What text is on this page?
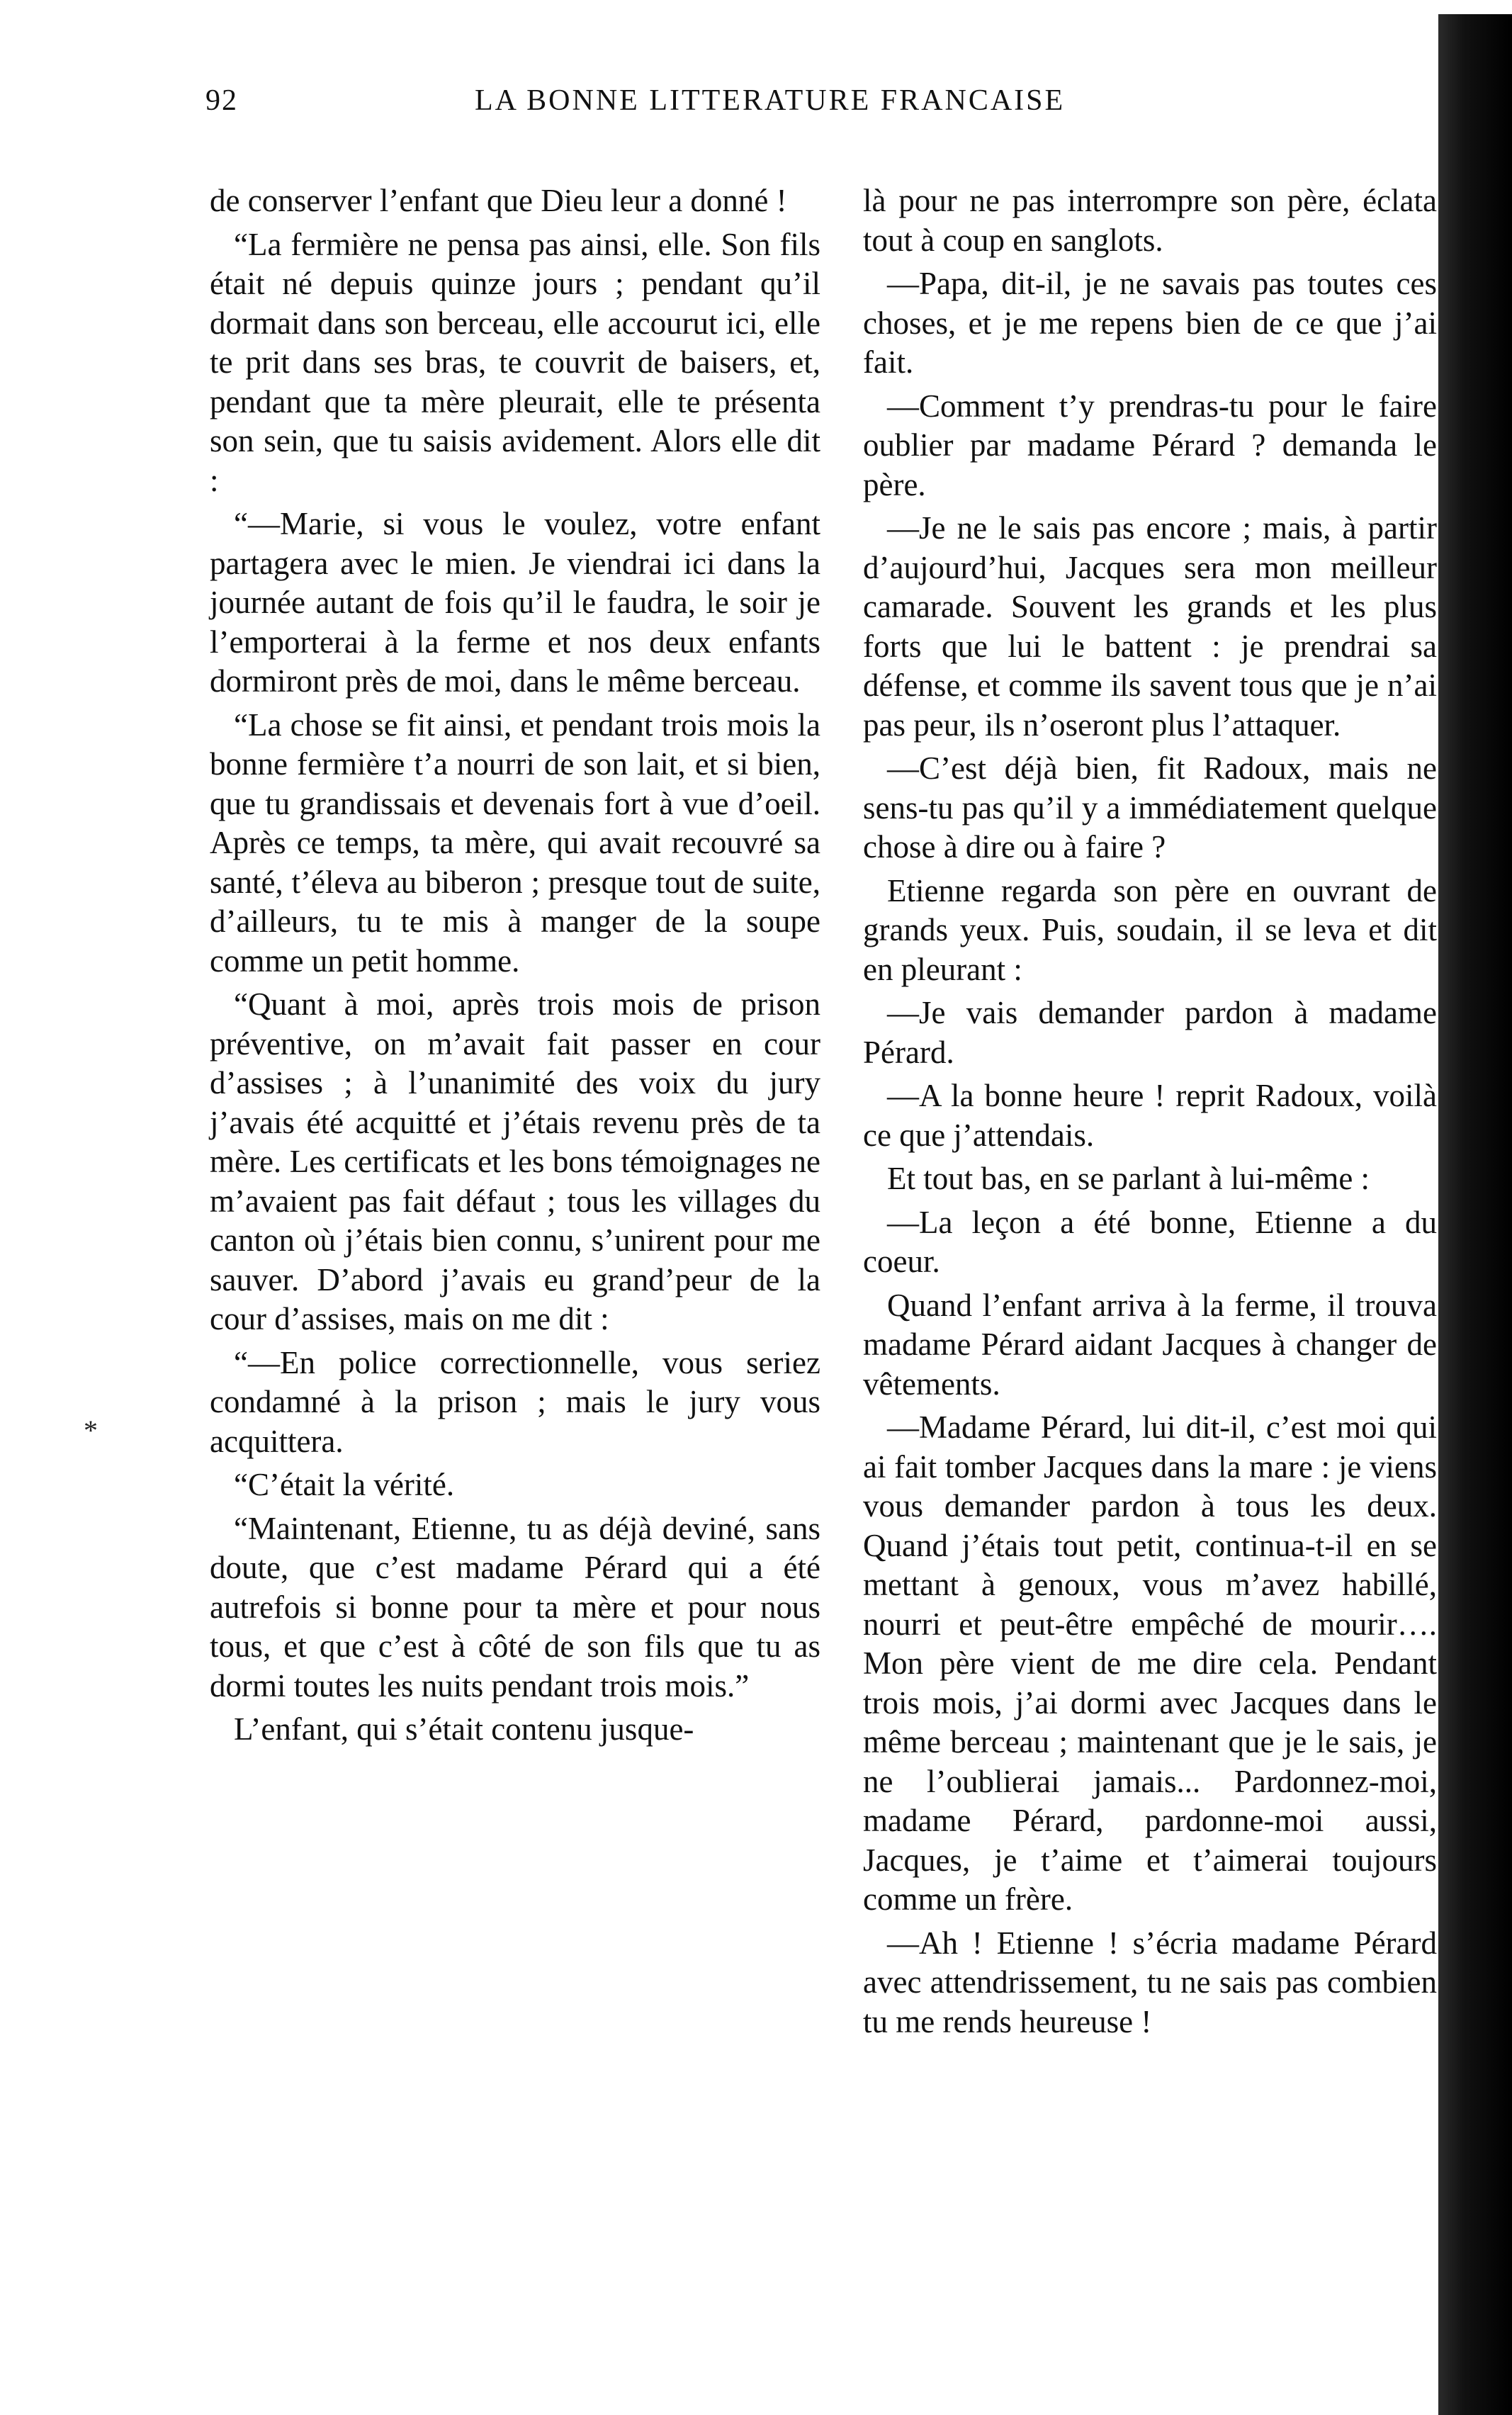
92	LA BONNE LITTERATURE FRANCAISE
*

de conserver l’enfant que Dieu leur a donné !

“La fermière ne pensa pas ainsi, elle. Son fils était né depuis quinze jours ; pendant qu’il dormait dans son berceau, elle accourut ici, elle te prit dans ses bras, te couvrit de baisers, et, pendant que ta mère pleurait, elle te présenta son sein, que tu saisis avidement. Alors elle dit :

“—Marie, si vous le voulez, votre enfant partagera avec le mien. Je viendrai ici dans la journée autant de fois qu’il le faudra, le soir je l’emporterai à la ferme et nos deux enfants dormiront près de moi, dans le même berceau.

“La chose se fit ainsi, et pendant trois mois la bonne fermière t’a nourri de son lait, et si bien, que tu grandissais et devenais fort à vue d’oeil. Après ce temps, ta mère, qui avait recouvré sa santé, t’éleva au biberon ; presque tout de suite, d’ailleurs, tu te mis à manger de la soupe comme un petit homme.

“Quant à moi, après trois mois de prison préventive, on m’avait fait passer en cour d’assises ; à l’unanimité des voix du jury j’avais été acquitté et j’étais revenu près de ta mère. Les certificats et les bons témoignages ne m’avaient pas fait défaut ; tous les villages du canton où j’étais bien connu, s’unirent pour me sauver. D’abord j’avais eu grand’peur de la cour d’assises, mais on me dit :

“—En police correctionnelle, vous seriez condamné à la prison ; mais le jury vous acquittera.

“C’était la vérité.

“Maintenant, Etienne, tu as déjà deviné, sans doute, que c’est madame Pérard qui a été autrefois si bonne pour ta mère et pour nous tous, et que c’est à côté de son fils que tu as dormi toutes les nuits pendant trois mois.”

L’enfant, qui s’était contenu jusque-

là pour ne pas interrompre son père, éclata tout à coup en sanglots.

—Papa, dit-il, je ne savais pas toutes ces choses, et je me repens bien de ce que j’ai fait.

—Comment t’y prendras-tu pour le faire oublier par madame Pérard ? demanda le père.

—Je ne le sais pas encore ; mais, à partir d’aujourd’hui, Jacques sera mon meilleur camarade. Souvent les grands et les plus forts que lui le battent : je prendrai sa défense, et comme ils savent tous que je n’ai pas peur, ils n’oseront plus l’attaquer.

—C’est déjà bien, fit Radoux, mais ne sens-tu pas qu’il y a immédiatement quelque chose à dire ou à faire ?

Etienne regarda son père en ouvrant de grands yeux. Puis, soudain, il se leva et dit en pleurant :

—Je vais demander pardon à madame Pérard.

—A la bonne heure ! reprit Radoux, voilà ce que j’attendais.

Et tout bas, en se parlant à lui-même :

—La leçon a été bonne, Etienne a du coeur.

Quand l’enfant arriva à la ferme, il trouva madame Pérard aidant Jacques à changer de vêtements.

—Madame Pérard, lui dit-il, c’est moi qui ai fait tomber Jacques dans la mare : je viens vous demander pardon à tous les deux. Quand j’étais tout petit, continua-t-il en se mettant à genoux, vous m’avez habillé, nourri et peut-être empêché de mourir…. Mon père vient de me dire cela. Pendant trois mois, j’ai dormi avec Jacques dans le même berceau ; maintenant que je le sais, je ne l’oublierai jamais... Pardonnez-moi, madame Pérard, pardonne-moi aussi, Jacques, je t’aime et t’aimerai toujours comme un frère.

—Ah ! Etienne ! s’écria madame Pérard avec attendrissement, tu ne sais pas combien tu me rends heureuse !
